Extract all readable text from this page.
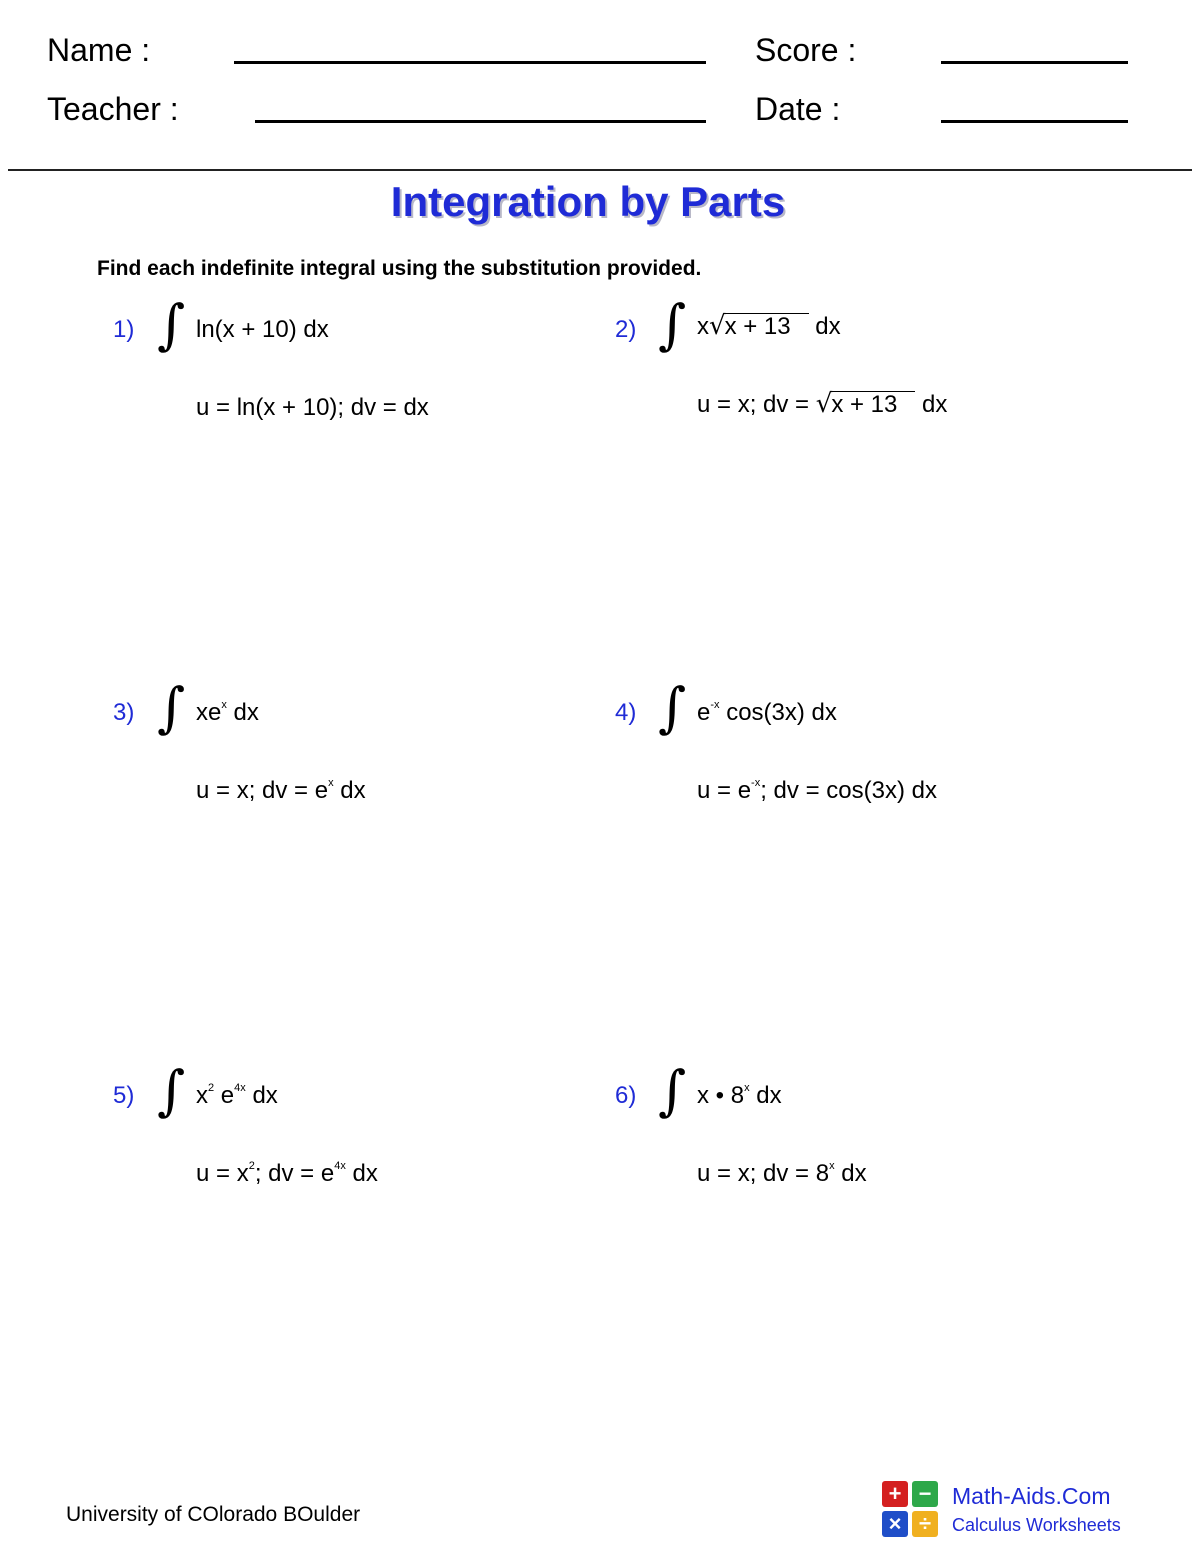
Name :	Score :
Teacher :	Date :
Integration by Parts
Find each indefinite integral using the substitution provided.
1) ∫ ln(x + 10) dx
u = ln(x + 10); dv = dx
2) ∫ x√x + 13 dx
u = x; dv = √x + 13 dx
3) ∫ $xe^x$ dx
u = x; dv = $e^x$ dx
4) ∫ $e^{-x}$ cos(3x) dx
$u = e^{-x}$; dv = cos(3x) dx
5) ∫ $x^2$ $e^{4x}$ dx
$u = x^2$; dv = $e^{4x}$ dx
6) ∫ x • 8$^x$ dx
u = x; dv = $8^x$ dx
University of COlorado BOulder
+ −
× ÷
Math-Aids.Com
Calculus Worksheets
